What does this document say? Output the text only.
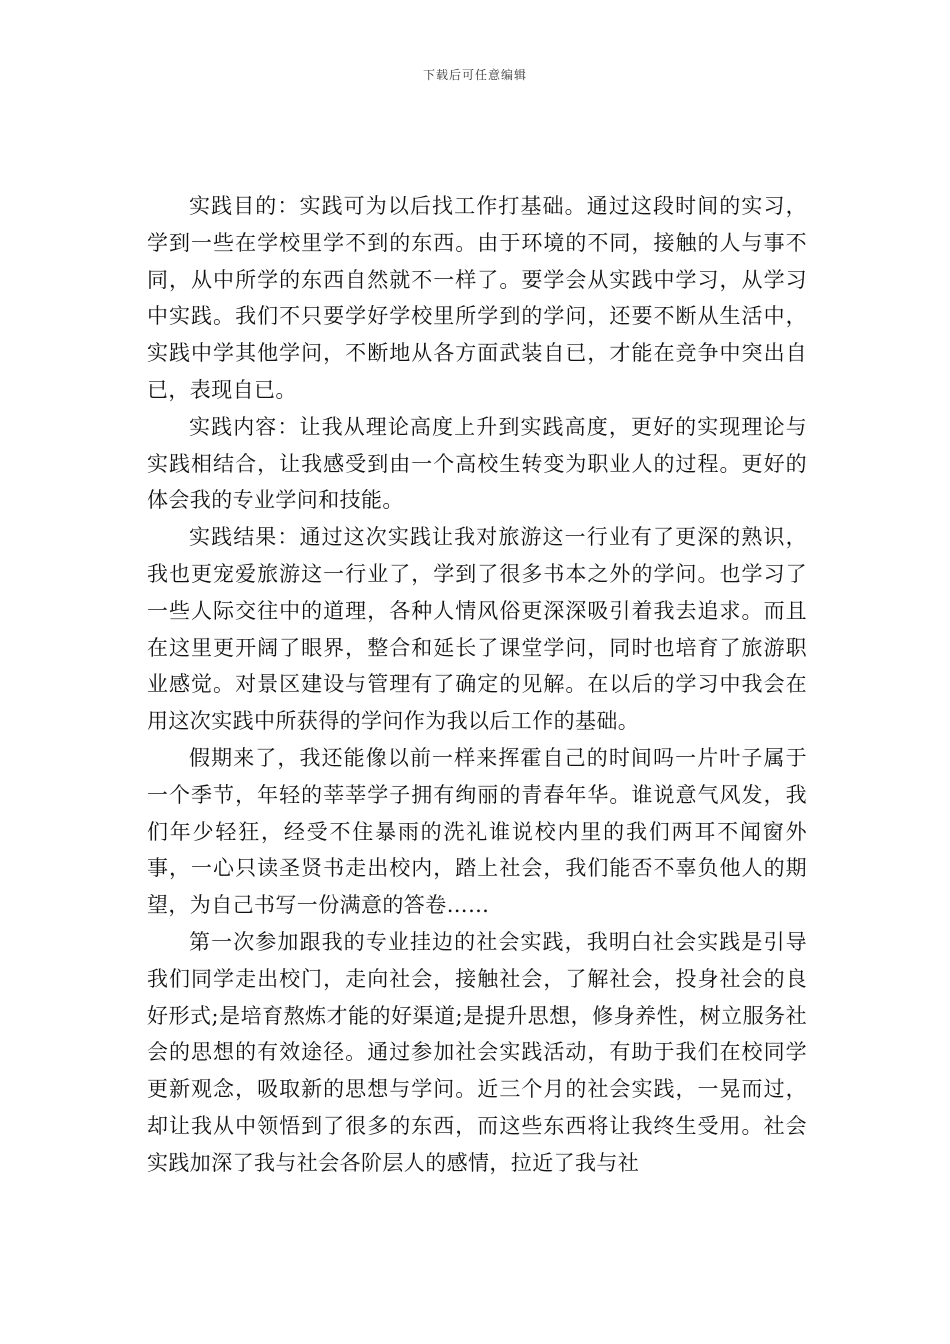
下载后可任意编辑

实践目的：实践可为以后找工作打基础。通过这段时间的实习，学到一些在学校里学不到的东西。由于环境的不同，接触的人与事不同，从中所学的东西自然就不一样了。要学会从实践中学习，从学习中实践。我们不只要学好学校里所学到的学问，还要不断从生活中，实践中学其他学问，不断地从各方面武装自已，才能在竞争中突出自已，表现自已。

实践内容：让我从理论高度上升到实践高度，更好的实现理论与实践相结合，让我感受到由一个高校生转变为职业人的过程。更好的体会我的专业学问和技能。

实践结果：通过这次实践让我对旅游这一行业有了更深的熟识，我也更宠爱旅游这一行业了，学到了很多书本之外的学问。也学习了一些人际交往中的道理，各种人情风俗更深深吸引着我去追求。而且在这里更开阔了眼界，整合和延长了课堂学问，同时也培育了旅游职业感觉。对景区建设与管理有了确定的见解。在以后的学习中我会在用这次实践中所获得的学问作为我以后工作的基础。

假期来了，我还能像以前一样来挥霍自己的时间吗一片叶子属于一个季节，年轻的莘莘学子拥有绚丽的青春年华。谁说意气风发，我们年少轻狂，经受不住暴雨的洗礼谁说校内里的我们两耳不闻窗外事，一心只读圣贤书走出校内，踏上社会，我们能否不辜负他人的期望，为自己书写一份满意的答卷……

第一次参加跟我的专业挂边的社会实践，我明白社会实践是引导我们同学走出校门，走向社会，接触社会，了解社会，投身社会的良好形式;是培育熬炼才能的好渠道;是提升思想，修身养性，树立服务社会的思想的有效途径。通过参加社会实践活动，有助于我们在校同学更新观念，吸取新的思想与学问。近三个月的社会实践，一晃而过，却让我从中领悟到了很多的东西，而这些东西将让我终生受用。社会实践加深了我与社会各阶层人的感情，拉近了我与社
